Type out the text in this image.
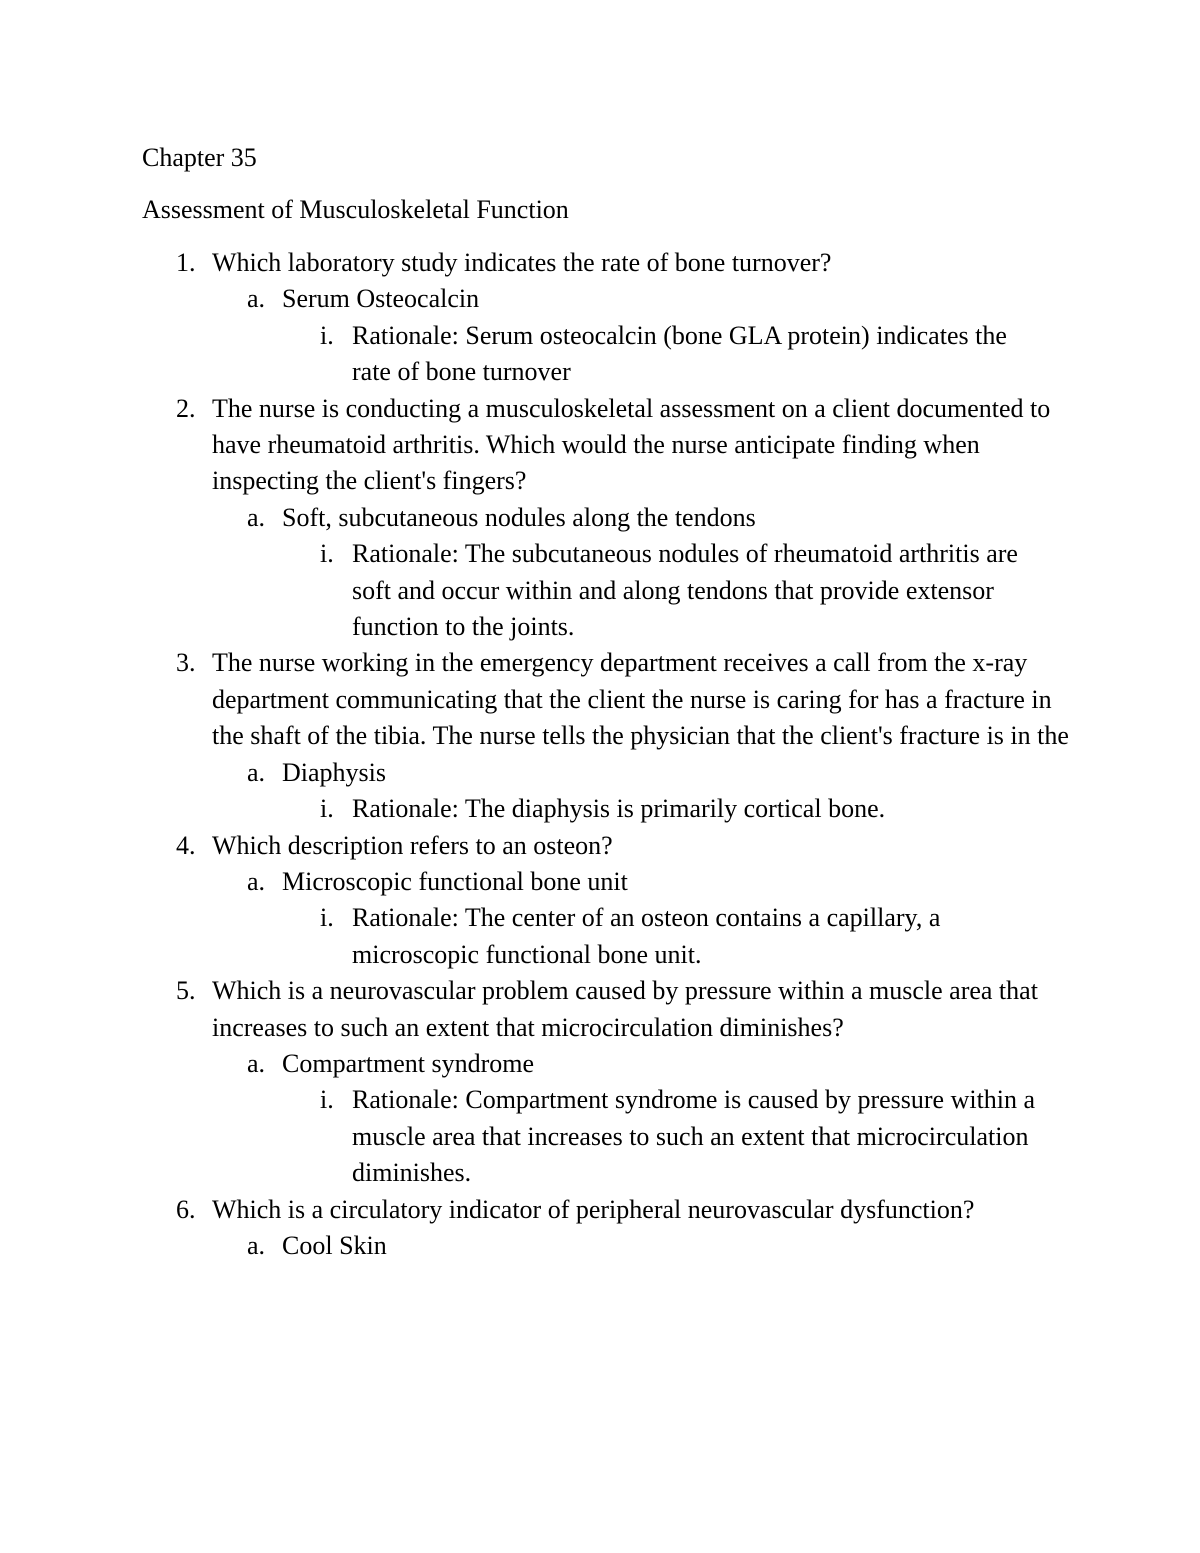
Chapter 35

Assessment of Musculoskeletal Function

1. Which laboratory study indicates the rate of bone turnover?
a. Serum Osteocalcin
i. Rationale: Serum osteocalcin (bone GLA protein) indicates the rate of bone turnover
2. The nurse is conducting a musculoskeletal assessment on a client documented to have rheumatoid arthritis. Which would the nurse anticipate finding when inspecting the client's fingers?
a. Soft, subcutaneous nodules along the tendons
i. Rationale: The subcutaneous nodules of rheumatoid arthritis are soft and occur within and along tendons that provide extensor function to the joints.
3. The nurse working in the emergency department receives a call from the x-ray department communicating that the client the nurse is caring for has a fracture in the shaft of the tibia. The nurse tells the physician that the client's fracture is in the
a. Diaphysis
i. Rationale: The diaphysis is primarily cortical bone.
4. Which description refers to an osteon?
a. Microscopic functional bone unit
i. Rationale: The center of an osteon contains a capillary, a microscopic functional bone unit.
5. Which is a neurovascular problem caused by pressure within a muscle area that increases to such an extent that microcirculation diminishes?
a. Compartment syndrome
i. Rationale: Compartment syndrome is caused by pressure within a muscle area that increases to such an extent that microcirculation diminishes.
6. Which is a circulatory indicator of peripheral neurovascular dysfunction?
a. Cool Skin
